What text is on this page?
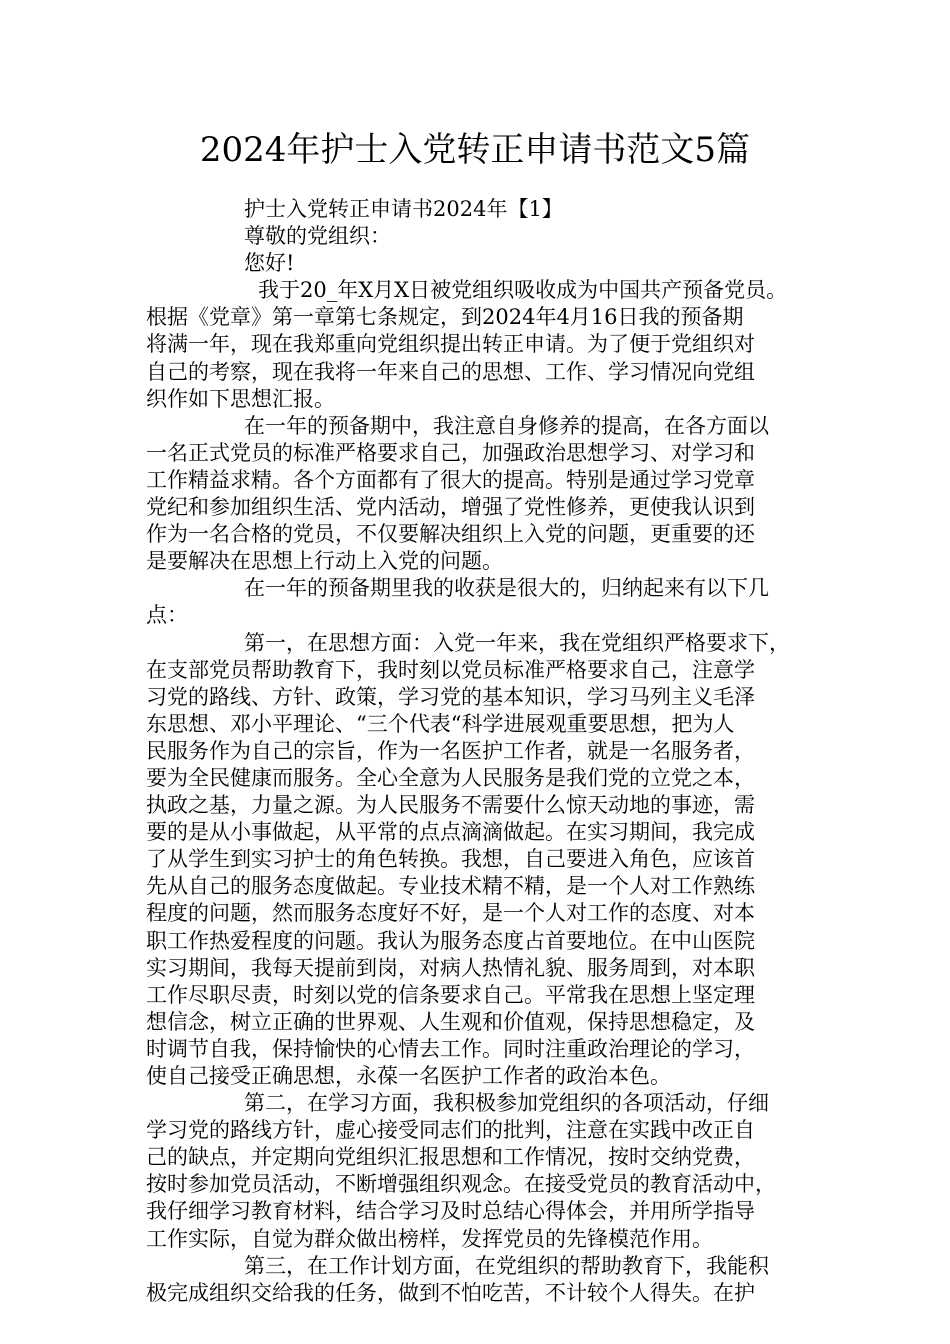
2024年护士入党转正申请书范文5篇
护士入党转正申请书2024年【1】
尊敬的党组织：
您好!
我于20_年X月X日被党组织吸收成为中国共产预备党员。
根据《党章》第一章第七条规定，到2024年4月16日我的预备期
将满一年，现在我郑重向党组织提出转正申请。为了便于党组织对
自己的考察，现在我将一年来自己的思想、工作、学习情况向党组
织作如下思想汇报。
在一年的预备期中，我注意自身修养的提高，在各方面以
一名正式党员的标准严格要求自己，加强政治思想学习、对学习和
工作精益求精。各个方面都有了很大的提高。特别是通过学习党章
党纪和参加组织生活、党内活动，增强了党性修养，更使我认识到
作为一名合格的党员，不仅要解决组织上入党的问题，更重要的还
是要解决在思想上行动上入党的问题。
在一年的预备期里我的收获是很大的，归纳起来有以下几
点：
第一，在思想方面：入党一年来，我在党组织严格要求下，
在支部党员帮助教育下，我时刻以党员标准严格要求自己，注意学
习党的路线、方针、政策，学习党的基本知识，学习马列主义毛泽
东思想、邓小平理论、“三个代表“科学进展观重要思想，把为人
民服务作为自己的宗旨，作为一名医护工作者，就是一名服务者，
要为全民健康而服务。全心全意为人民服务是我们党的立党之本，
执政之基，力量之源。为人民服务不需要什么惊天动地的事迹，需
要的是从小事做起，从平常的点点滴滴做起。在实习期间，我完成
了从学生到实习护士的角色转换。我想，自己要进入角色，应该首
先从自己的服务态度做起。专业技术精不精，是一个人对工作熟练
程度的问题，然而服务态度好不好，是一个人对工作的态度、对本
职工作热爱程度的问题。我认为服务态度占首要地位。在中山医院
实习期间，我每天提前到岗，对病人热情礼貌、服务周到，对本职
工作尽职尽责，时刻以党的信条要求自己。平常我在思想上坚定理
想信念，树立正确的世界观、人生观和价值观，保持思想稳定，及
时调节自我，保持愉快的心情去工作。同时注重政治理论的学习，
使自己接受正确思想，永葆一名医护工作者的政治本色。
第二，在学习方面，我积极参加党组织的各项活动，仔细
学习党的路线方针，虚心接受同志们的批判，注意在实践中改正自
己的缺点，并定期向党组织汇报思想和工作情况，按时交纳党费，
按时参加党员活动，不断增强组织观念。在接受党员的教育活动中，
我仔细学习教育材料，结合学习及时总结心得体会，并用所学指导
工作实际，自觉为群众做出榜样，发挥党员的先锋模范作用。
第三，在工作计划方面，在党组织的帮助教育下，我能积
极完成组织交给我的任务，做到不怕吃苦，不计较个人得失。在护
